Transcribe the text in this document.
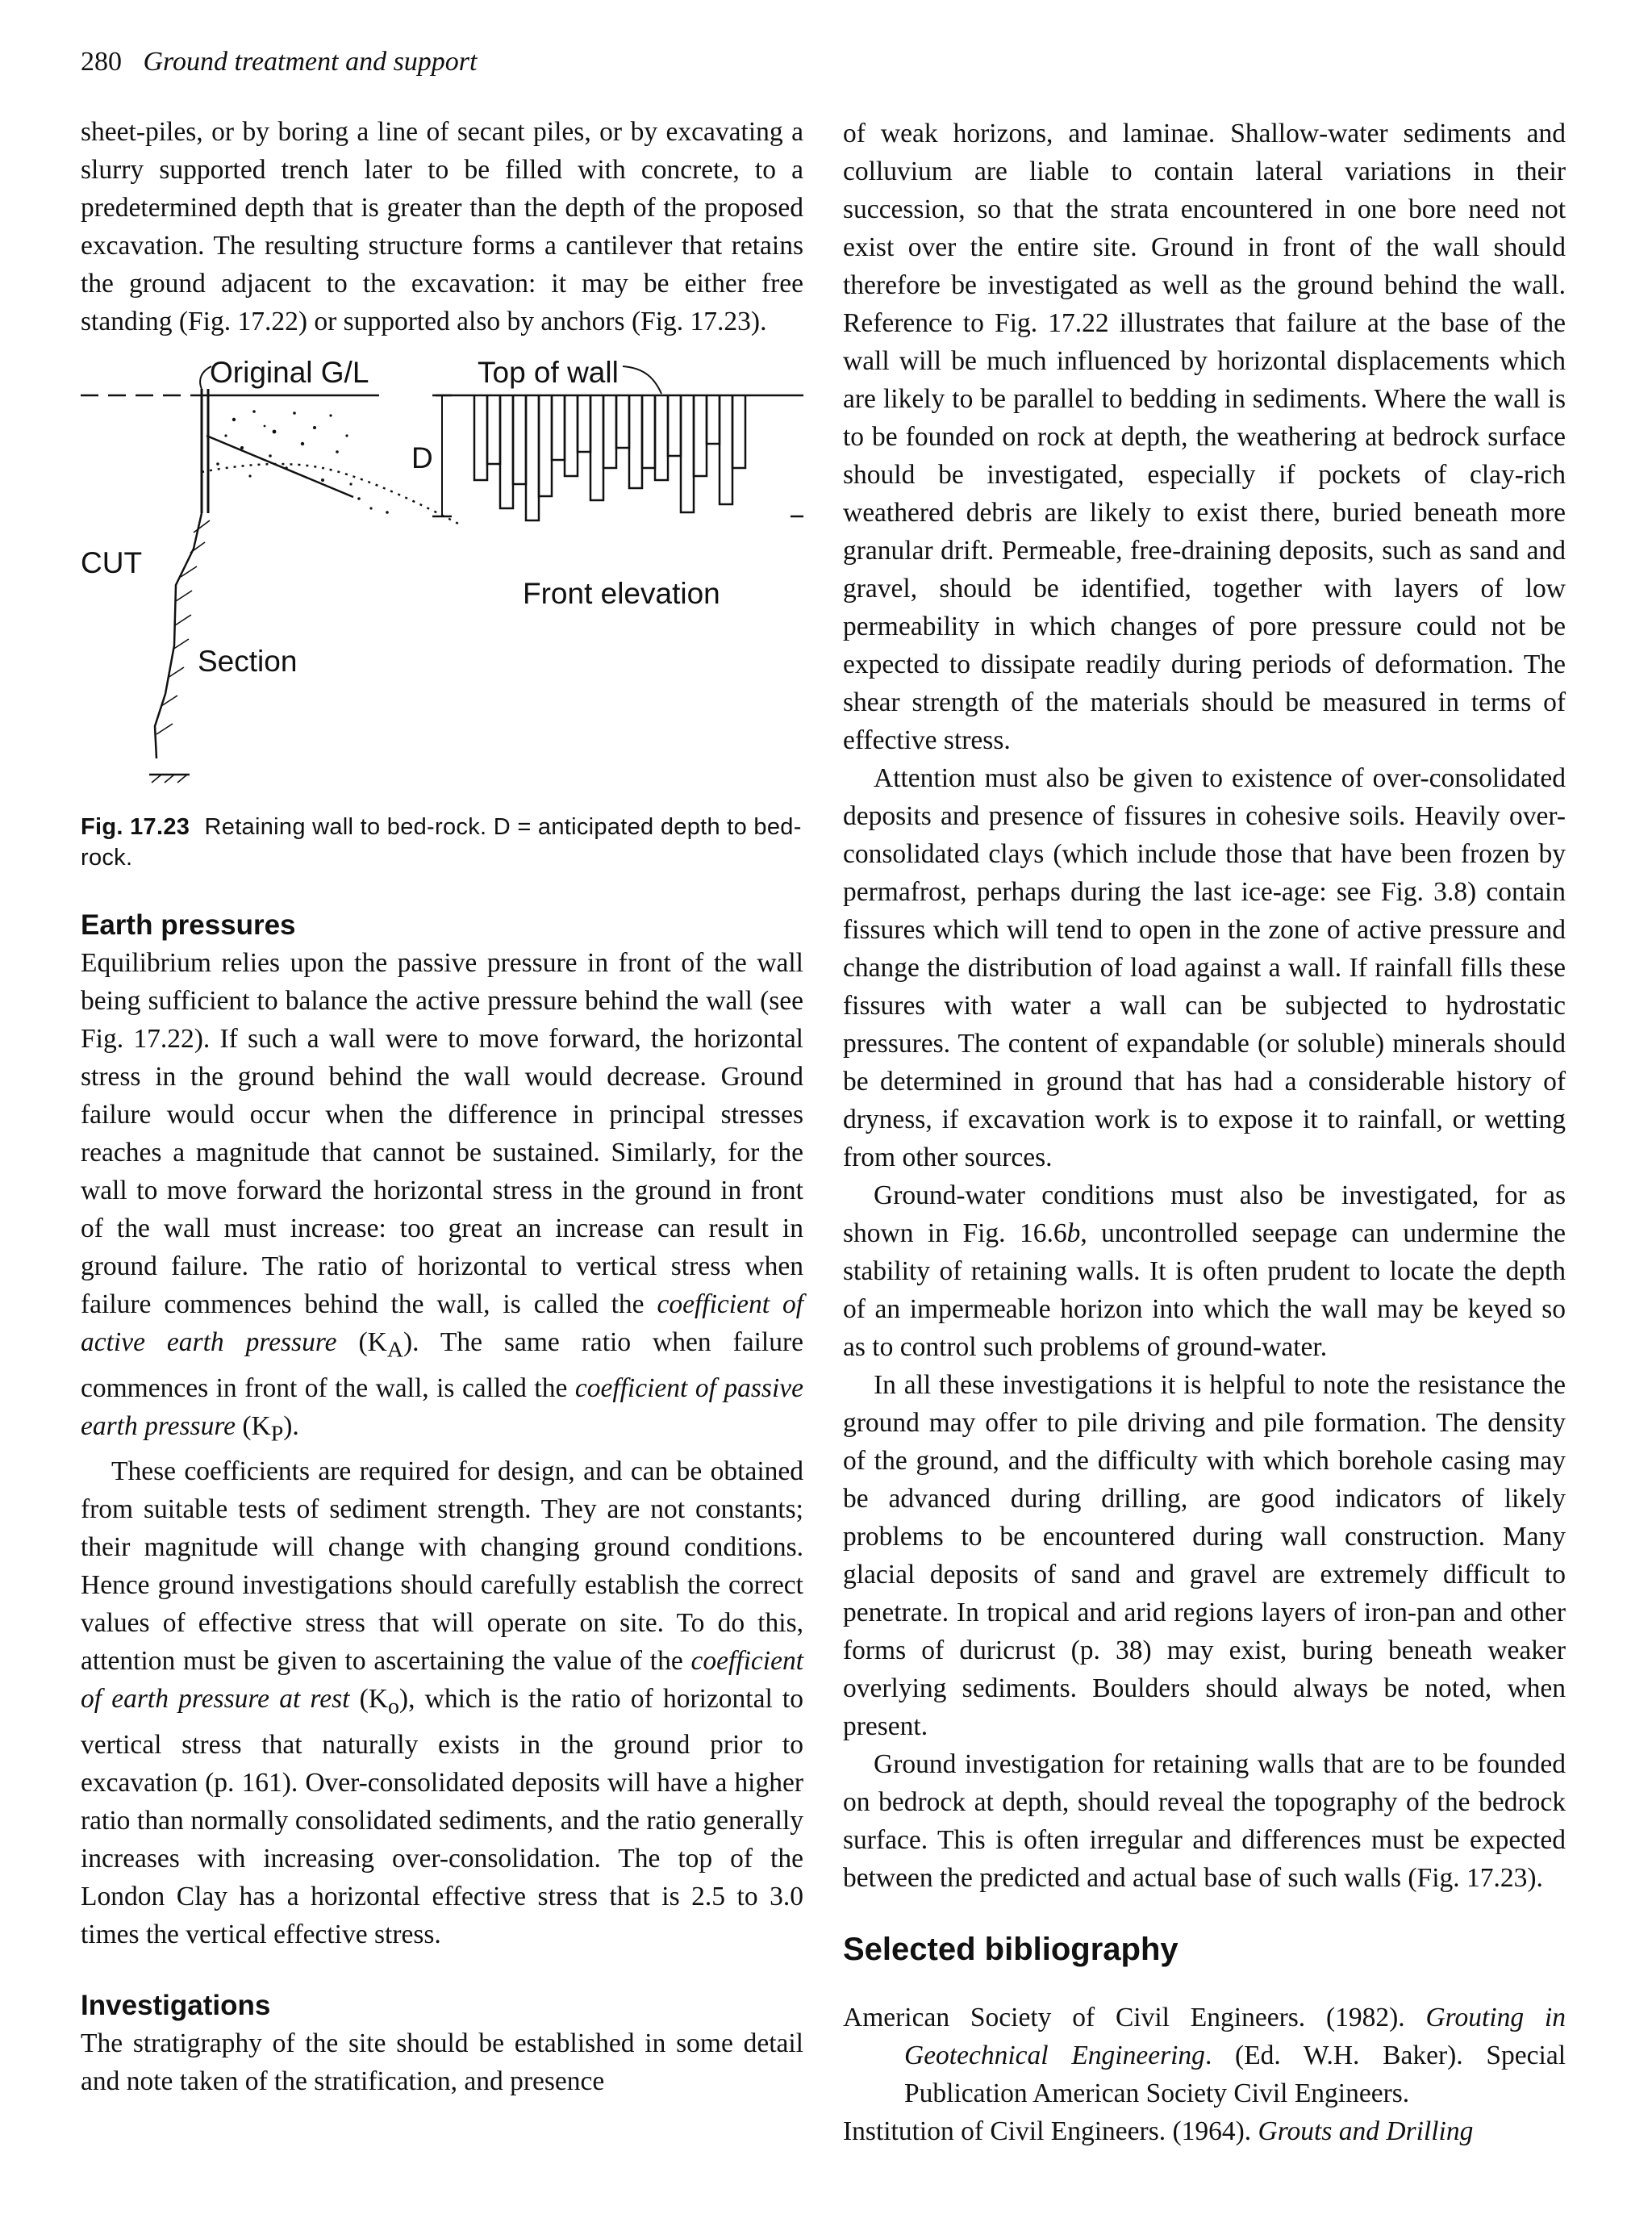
280 Ground treatment and support

sheet-piles, or by boring a line of secant piles, or by excavating a slurry supported trench later to be filled with concrete, to a predetermined depth that is greater than the depth of the proposed excavation. The resulting structure forms a cantilever that retains the ground adjacent to the excavation: it may be either free standing (Fig. 17.22) or supported also by anchors (Fig. 17.23).

Original G/L	Top of wall
D
CUT
Front elevation
Section
Fig. 17.23 Retaining wall to bed-rock. D = anticipated depth to bed-rock.
Earth pressures

Equilibrium relies upon the passive pressure in front of the wall being sufficient to balance the active pressure behind the wall (see Fig. 17.22). If such a wall were to move forward, the horizontal stress in the ground behind the wall would decrease. Ground failure would occur when the difference in principal stresses reaches a magnitude that cannot be sustained. Similarly, for the wall to move forward the horizontal stress in the ground in front of the wall must increase: too great an increase can result in ground failure. The ratio of horizontal to vertical stress when failure commences behind the wall, is called the coefficient of active earth pressure $(K_A)$. The same ratio when failure commences in front of the wall, is called the coefficient of passive earth pressure $(K_P)$.

These coefficients are required for design, and can be obtained from suitable tests of sediment strength. They are not constants; their magnitude will change with changing ground conditions. Hence ground investigations should carefully establish the correct values of effective stress that will operate on site. To do this, attention must be given to ascertaining the value of the coefficient of earth pressure at rest $(K_o)$, which is the ratio of horizontal to vertical stress that naturally exists in the ground prior to excavation (p. 161). Over-consolidated deposits will have a higher ratio than normally consolidated sediments, and the ratio generally increases with increasing over-consolidation. The top of the London Clay has a horizontal effective stress that is 2.5 to 3.0 times the vertical effective stress.

Investigations

The stratigraphy of the site should be established in some detail and note taken of the stratification, and presence

of weak horizons, and laminae. Shallow-water sediments and colluvium are liable to contain lateral variations in their succession, so that the strata encountered in one bore need not exist over the entire site. Ground in front of the wall should therefore be investigated as well as the ground behind the wall. Reference to Fig. 17.22 illustrates that failure at the base of the wall will be much influenced by horizontal displacements which are likely to be parallel to bedding in sediments. Where the wall is to be founded on rock at depth, the weathering at bedrock surface should be investigated, especially if pockets of clay-rich weathered debris are likely to exist there, buried beneath more granular drift. Permeable, free-draining deposits, such as sand and gravel, should be identified, together with layers of low permeability in which changes of pore pressure could not be expected to dissipate readily during periods of deformation. The shear strength of the materials should be measured in terms of effective stress.

Attention must also be given to existence of over-consolidated deposits and presence of fissures in cohesive soils. Heavily over-consolidated clays (which include those that have been frozen by permafrost, perhaps during the last ice-age: see Fig. 3.8) contain fissures which will tend to open in the zone of active pressure and change the distribution of load against a wall. If rainfall fills these fissures with water a wall can be subjected to hydrostatic pressures. The content of expandable (or soluble) minerals should be determined in ground that has had a considerable history of dryness, if excavation work is to expose it to rainfall, or wetting from other sources.

Ground-water conditions must also be investigated, for as shown in Fig. 16.6b, uncontrolled seepage can undermine the stability of retaining walls. It is often prudent to locate the depth of an impermeable horizon into which the wall may be keyed so as to control such problems of ground-water.

In all these investigations it is helpful to note the resistance the ground may offer to pile driving and pile formation. The density of the ground, and the difficulty with which borehole casing may be advanced during drilling, are good indicators of likely problems to be encountered during wall construction. Many glacial deposits of sand and gravel are extremely difficult to penetrate. In tropical and arid regions layers of iron-pan and other forms of duricrust (p. 38) may exist, buring beneath weaker overlying sediments. Boulders should always be noted, when present.

Ground investigation for retaining walls that are to be founded on bedrock at depth, should reveal the topography of the bedrock surface. This is often irregular and differences must be expected between the predicted and actual base of such walls (Fig. 17.23).

Selected bibliography

American Society of Civil Engineers. (1982). Grouting in Geotechnical Engineering. (Ed. W.H. Baker). Special Publication American Society Civil Engineers.

Institution of Civil Engineers. (1964). Grouts and Drilling
